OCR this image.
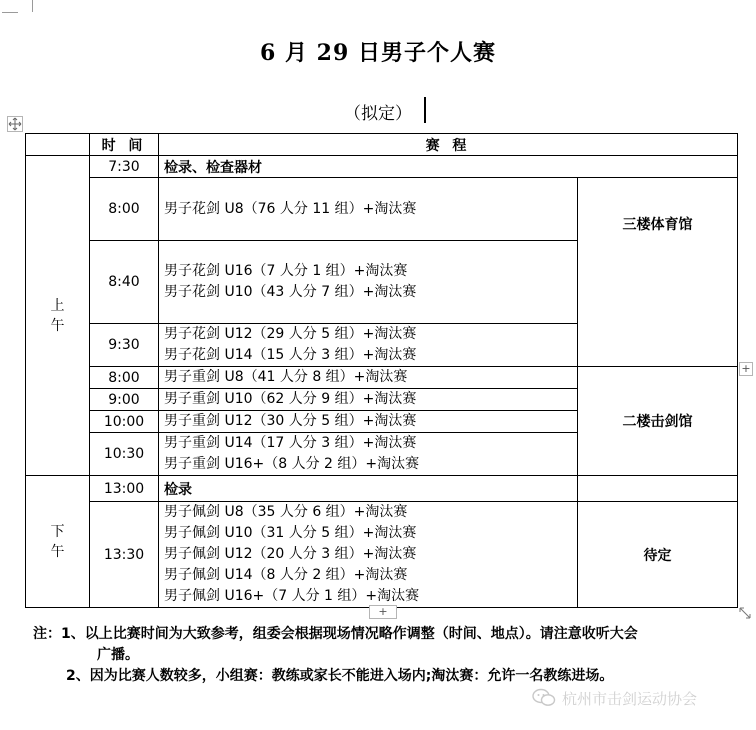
6 月 29 日男子个人赛
（拟定）
	时 间	赛 程	
上午	7:30	检录、检查器材	
	8:00	男子花剑 U8（76 人分 11 组）+淘汰赛	三楼体育馆

	8:40	男子花剑 U16（7 人分 1 组）+淘汰赛
男子花剑 U10（43 人分 7 组）+淘汰赛	

	9:30	男子花剑 U12（29 人分 5 组）+淘汰赛
男子花剑 U14（15 人分 3 组）+淘汰赛	

	8:00	男子重剑 U8（41 人分 8 组）+淘汰赛	二楼击剑馆

	9:00	男子重剑 U10（62 人分 9 组）+淘汰赛	

	10:00	男子重剑 U12（30 人分 5 组）+淘汰赛	

	10:30	男子重剑 U14（17 人分 3 组）+淘汰赛
男子重剑 U16+（8 人分 2 组）+淘汰赛	

下午	13:00	检录	
	13:30	男子佩剑 U8（35 人分 6 组）+淘汰赛
男子佩剑 U10（31 人分 5 组）+淘汰赛
男子佩剑 U12（20 人分 3 组）+淘汰赛
男子佩剑 U14（8 人分 2 组）+淘汰赛
男子佩剑 U16+（7 人分 1 组）+淘汰赛	待定
+
+
注：1、以上比赛时间为大致参考，组委会根据现场情况略作调整（时间、地点）。请注意收听大会
广播。
2、因为比赛人数较多，小组赛：教练或家长不能进入场内;淘汰赛：允许一名教练进场。
杭州市击剑运动协会
